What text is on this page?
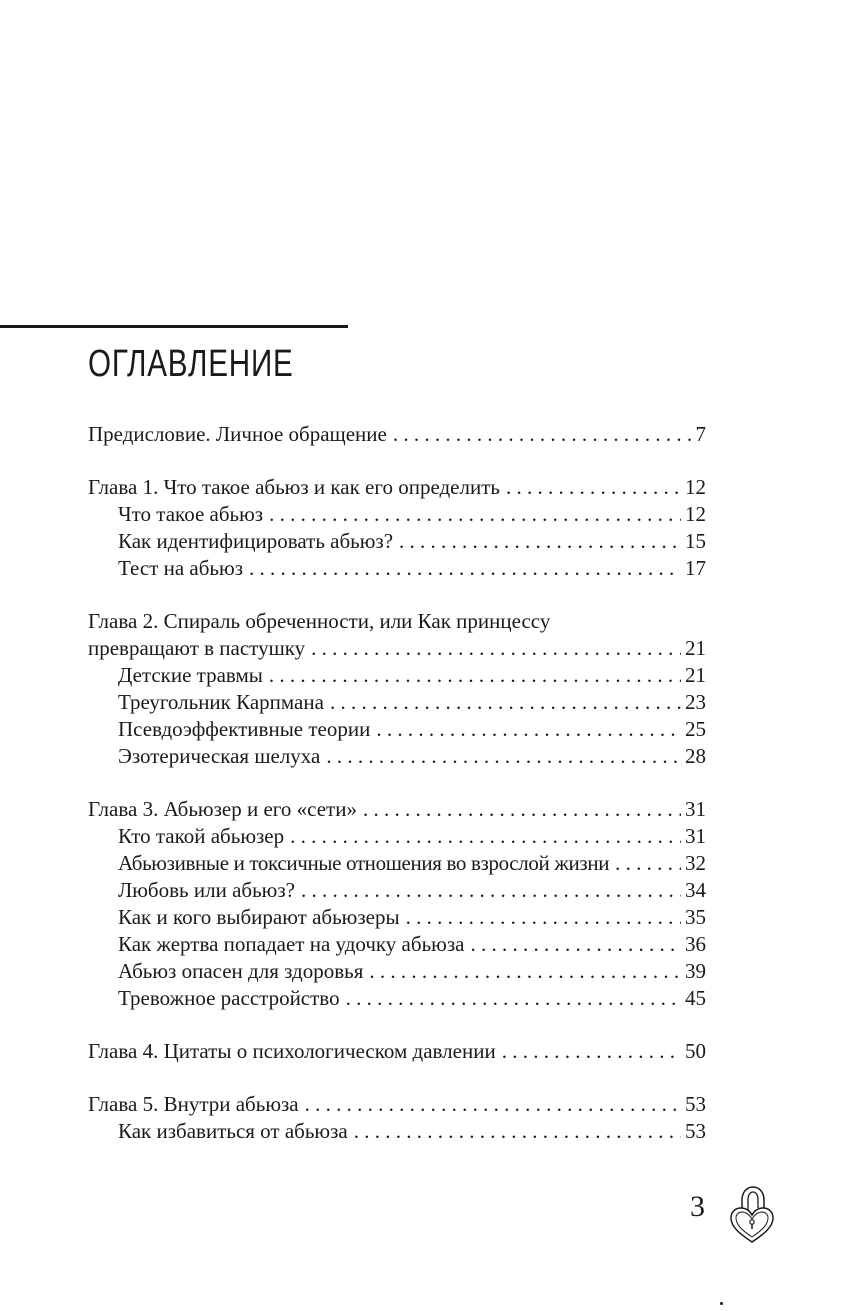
ОГЛАВЛЕНИЕ
Предисловие. Личное обращение . . .	7
Глава 1. Что такое абьюз и как его определить . . .	12
Что такое абьюз . . .	12
Как идентифицировать абьюз? . . .	15
Тест на абьюз . . .	17
Глава 2. Спираль обреченности, или Как принцессу
превращают в пастушку . . .	21
Детские травмы . . .	21
Треугольник Карпмана . . .	23
Псевдоэффективные теории . . .	25
Эзотерическая шелуха . . .	28
Глава 3. Абьюзер и его «сети» . . .	31
Кто такой абьюзер . . .	31
Абьюзивные и токсичные отношения во взрослой жизни . . .	32
Любовь или абьюз? . . .	34
Как и кого выбирают абьюзеры . . .	35
Как жертва попадает на удочку абьюза . . .	36
Абьюз опасен для здоровья . . .	39
Тревожное расстройство . . .	45
Глава 4. Цитаты о психологическом давлении . . .	50
Глава 5. Внутри абьюза . . .	53
Как избавиться от абьюза . . .	53
3
